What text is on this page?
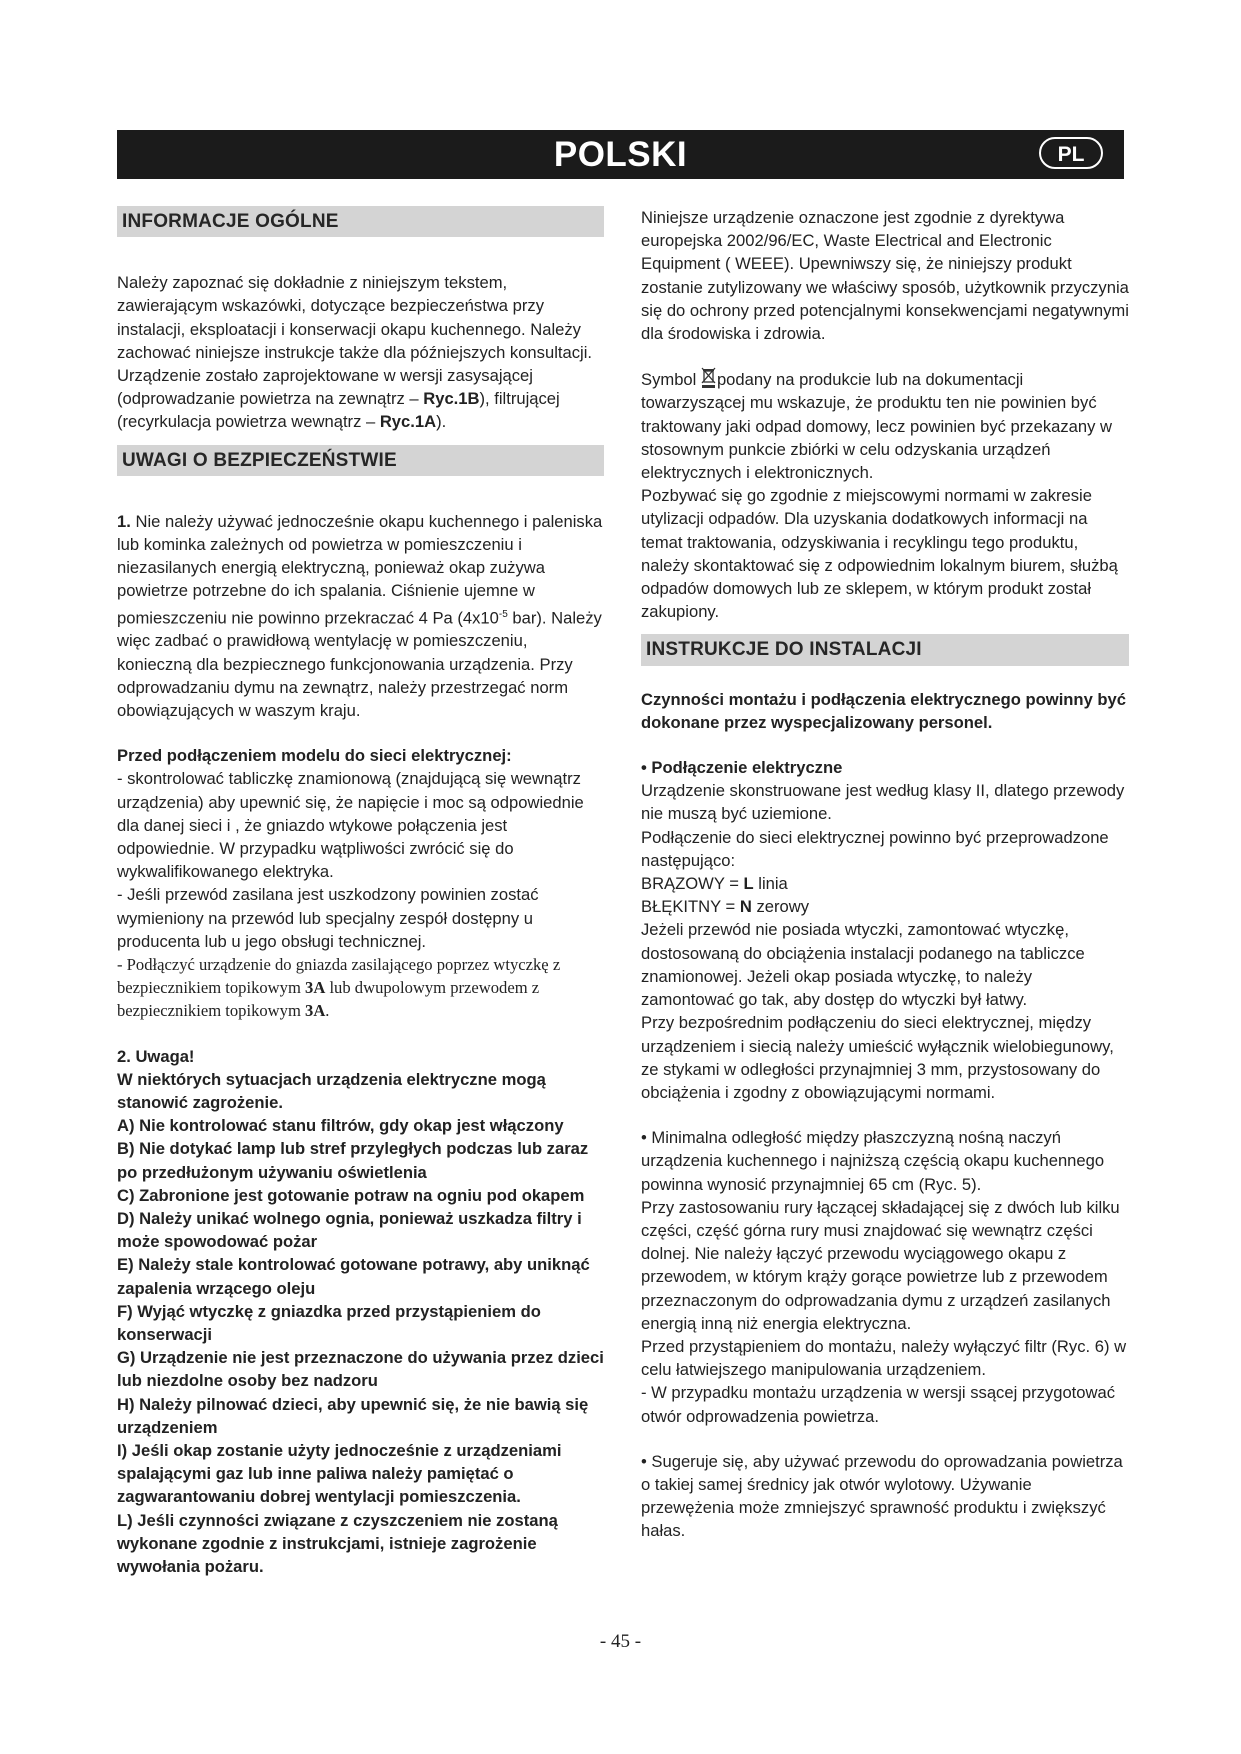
POLSKI	PL
INFORMACJE OGÓLNE

Należy zapoznać się dokładnie z niniejszym tekstem, zawierającym wskazówki, dotyczące bezpieczeństwa przy instalacji, eksploatacji i konserwacji okapu kuchennego. Należy zachować niniejsze instrukcje także dla późniejszych konsultacji.

Urządzenie zostało zaprojektowane w wersji zasysającej (odprowadzanie powietrza na zewnątrz – Ryc.1B), filtrującej (recyrkulacja powietrza wewnątrz – Ryc.1A).

UWAGI O BEZPIECZEŃSTWIE

1. Nie należy używać jednocześnie okapu kuchennego i paleniska lub kominka zależnych od powietrza w pomieszczeniu i niezasilanych energią elektryczną, ponieważ okap zużywa powietrze potrzebne do ich spalania. Ciśnienie ujemne w pomieszczeniu nie powinno przekraczać 4 Pa ($4x10^{-5}$ bar). Należy więc zadbać o prawidłową wentylację w pomieszczeniu, konieczną dla bezpiecznego funkcjonowania urządzenia. Przy odprowadzaniu dymu na zewnątrz, należy przestrzegać norm obowiązujących w waszym kraju.

Przed podłączeniem modelu do sieci elektrycznej:

- skontrolować tabliczkę znamionową (znajdującą się wewnątrz urządzenia) aby upewnić się, że napięcie i moc są odpowiednie dla danej sieci i , że gniazdo wtykowe połączenia jest odpowiednie. W przypadku wątpliwości zwrócić się do wykwalifikowanego elektryka.

- Jeśli przewód zasilana jest uszkodzony powinien zostać wymieniony na przewód lub specjalny zespół dostępny u producenta lub u jego obsługi technicznej.

- Podłączyć urządzenie do gniazda zasilającego poprzez wtyczkę z bezpiecznikiem topikowym 3A lub dwupolowym przewodem z bezpiecznikiem topikowym 3A.

2. Uwaga!

W niektórych sytuacjach urządzenia elektryczne mogą stanowić zagrożenie.

A) Nie kontrolować stanu filtrów, gdy okap jest włączony

B) Nie dotykać lamp lub stref przyległych podczas lub zaraz po przedłużonym używaniu oświetlenia

C) Zabronione jest gotowanie potraw na ogniu pod okapem

D) Należy unikać wolnego ognia, ponieważ uszkadza filtry i może spowodować pożar

E) Należy stale kontrolować gotowane potrawy, aby uniknąć zapalenia wrzącego oleju

F) Wyjąć wtyczkę z gniazdka przed przystąpieniem do konserwacji

G) Urządzenie nie jest przeznaczone do używania przez dzieci lub niezdolne osoby bez nadzoru

H) Należy pilnować dzieci, aby upewnić się, że nie bawią się urządzeniem

I) Jeśli okap zostanie użyty jednocześnie z urządzeniami spalającymi gaz lub inne paliwa należy pamiętać o zagwarantowaniu dobrej wentylacji pomieszczenia.

L) Jeśli czynności związane z czyszczeniem nie zostaną wykonane zgodnie z instrukcjami, istnieje zagrożenie wywołania pożaru.

Niniejsze urządzenie oznaczone jest zgodnie z dyrektywa europejska 2002/96/EC, Waste Electrical and Electronic Equipment ( WEEE). Upewniwszy się, że niniejszy produkt zostanie zutylizowany we właściwy sposób, użytkownik przyczynia się do ochrony przed potencjalnymi konsekwencjami negatywnymi dla środowiska i zdrowia.

Symbol podany na produkcie lub na dokumentacji towarzyszącej mu wskazuje, że produktu ten nie powinien być traktowany jaki odpad domowy, lecz powinien być przekazany w stosownym punkcie zbiórki w celu odzyskania urządzeń elektrycznych i elektronicznych.

Pozbywać się go zgodnie z miejscowymi normami w zakresie utylizacji odpadów. Dla uzyskania dodatkowych informacji na temat traktowania, odzyskiwania i recyklingu tego produktu, należy skontaktować się z odpowiednim lokalnym biurem, służbą odpadów domowych lub ze sklepem, w którym produkt został zakupiony.

INSTRUKCJE DO INSTALACJI

Czynności montażu i podłączenia elektrycznego powinny być dokonane przez wyspecjalizowany personel.

• Podłączenie elektryczne

Urządzenie skonstruowane jest według klasy II, dlatego przewody nie muszą być uziemione.

Podłączenie do sieci elektrycznej powinno być przeprowadzone następująco:

BRĄZOWY = L linia

BŁĘKITNY = N zerowy

Jeżeli przewód nie posiada wtyczki, zamontować wtyczkę, dostosowaną do obciążenia instalacji podanego na tabliczce znamionowej. Jeżeli okap posiada wtyczkę, to należy zamontować go tak, aby dostęp do wtyczki był łatwy.

Przy bezpośrednim podłączeniu do sieci elektrycznej, między urządzeniem i siecią należy umieścić wyłącznik wielobiegunowy, ze stykami w odległości przynajmniej 3 mm, przystosowany do obciążenia i zgodny z obowiązującymi normami.

• Minimalna odległość między płaszczyzną nośną naczyń urządzenia kuchennego i najniższą częścią okapu kuchennego powinna wynosić przynajmniej 65 cm (Ryc. 5).

Przy zastosowaniu rury łączącej składającej się z dwóch lub kilku części, część górna rury musi znajdować się wewnątrz części dolnej. Nie należy łączyć przewodu wyciągowego okapu z przewodem, w którym krąży gorące powietrze lub z przewodem przeznaczonym do odprowadzania dymu z urządzeń zasilanych energią inną niż energia elektryczna.

Przed przystąpieniem do montażu, należy wyłączyć filtr (Ryc. 6) w celu łatwiejszego manipulowania urządzeniem.

- W przypadku montażu urządzenia w wersji ssącej przygotować otwór odprowadzenia powietrza.

• Sugeruje się, aby używać przewodu do oprowadzania powietrza o takiej samej średnicy jak otwór wylotowy. Używanie przewężenia może zmniejszyć sprawność produktu i zwiększyć hałas.

- 45 -
